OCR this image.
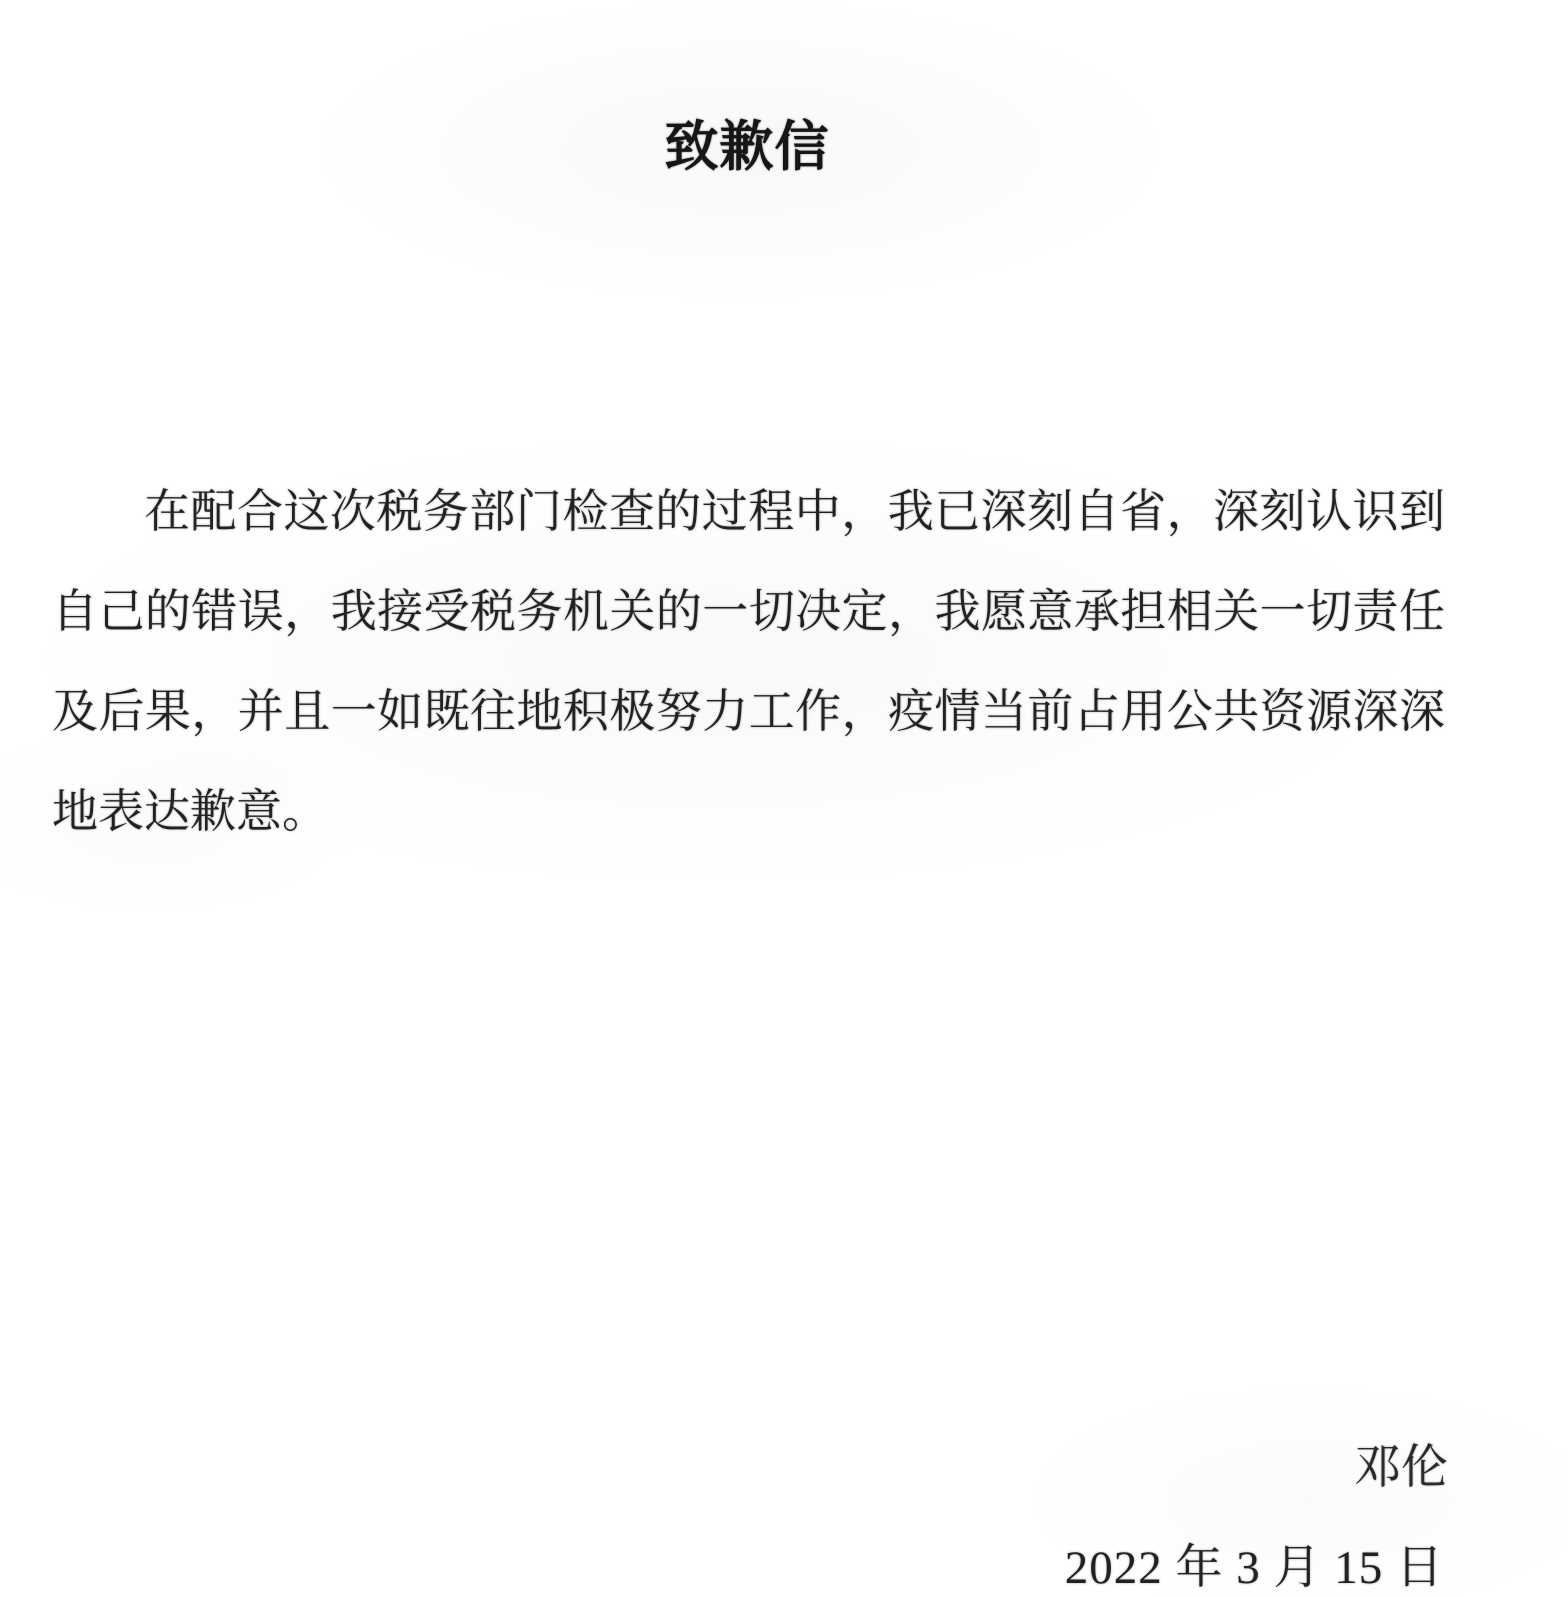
致歉信

在配合这次税务部门检查的过程中，我已深刻自省，深刻认识到

自己的错误，我接受税务机关的一切决定，我愿意承担相关一切责任

及后果，并且一如既往地积极努力工作，疫情当前占用公共资源深深

地表达歉意。

邓伦
2022 年 3 月 15 日
